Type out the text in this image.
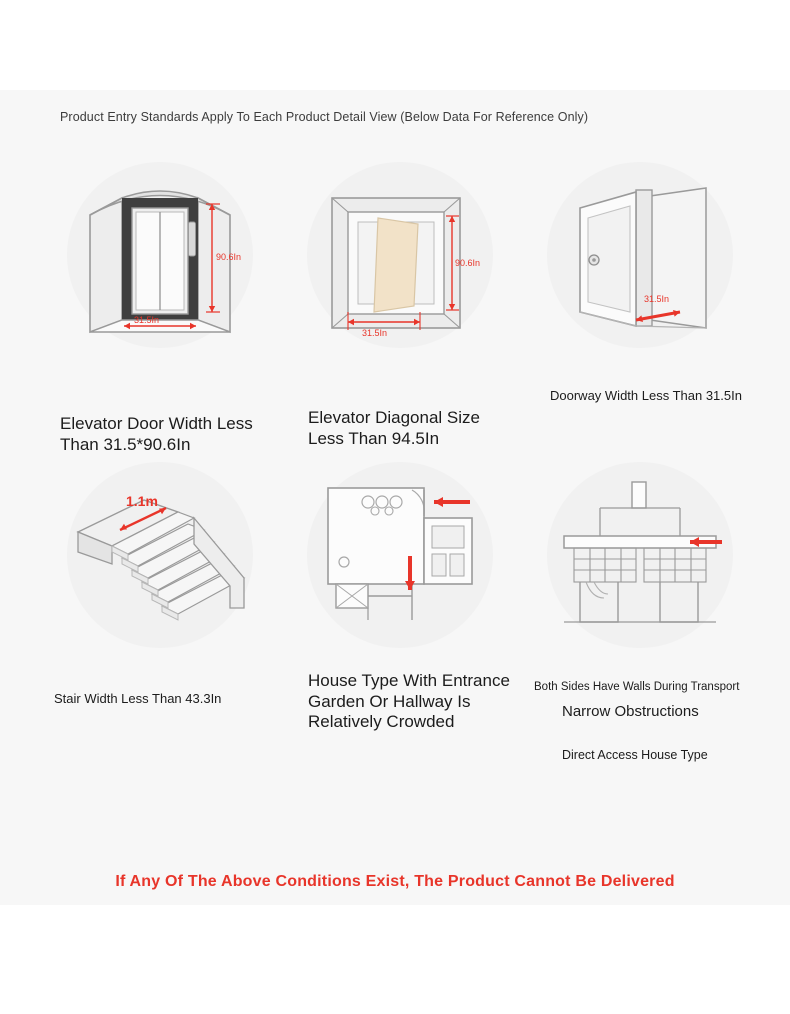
Product Entry Standards Apply To Each Product Detail View (Below Data For Reference Only)
90.6In
31.5In
Elevator Door Width Less Than 31.5*90.6In
90.6In
31.5In
Elevator Diagonal Size Less Than 94.5In
31.5In
Doorway Width Less Than 31.5In
1.1m
Stair Width Less Than 43.3In
House Type With Entrance Garden Or Hallway Is Relatively Crowded
Both Sides Have Walls During Transport
Narrow Obstructions
Direct Access House Type
If Any Of The Above Conditions Exist, The Product Cannot Be Delivered
